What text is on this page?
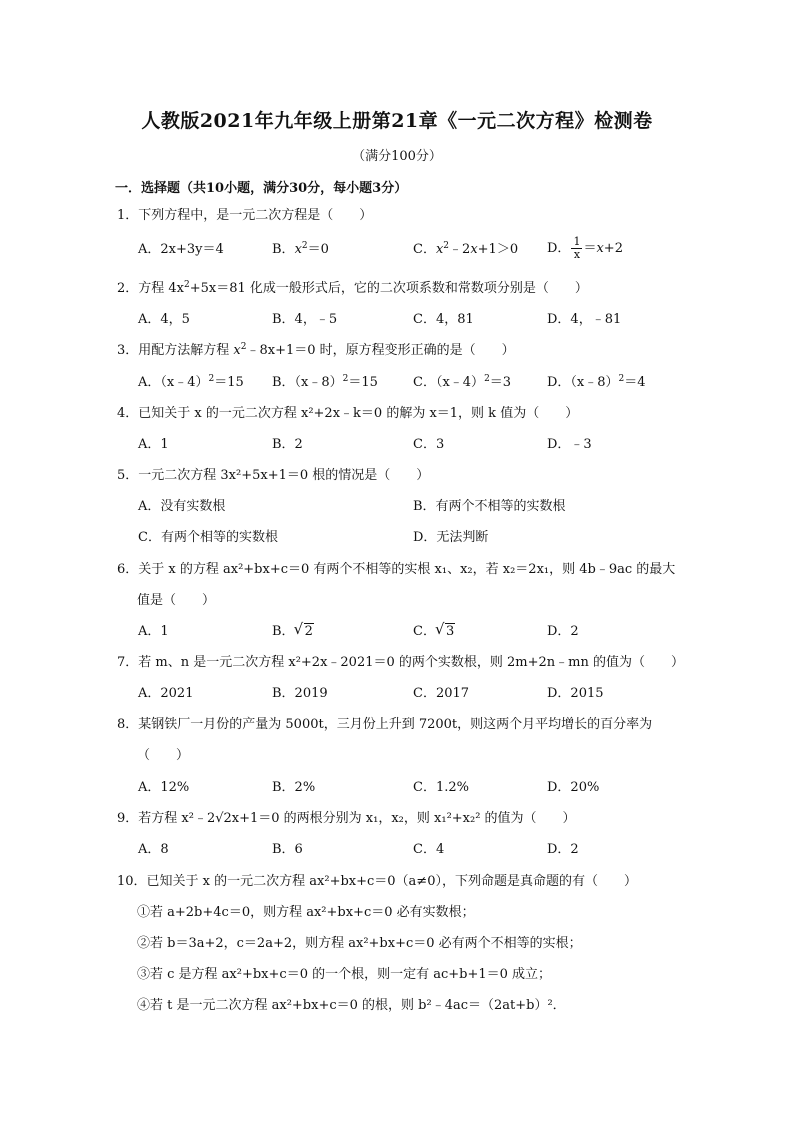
人教版2021年九年级上册第21章《一元二次方程》检测卷
（满分100分）
一．选择题（共10小题，满分30分，每小题3分）
1．下列方程中，是一元二次方程是（　　）
A．2x+3y＝4	B．$x^2=0$	C．$x^2﹣2x+1>0$ D． $\frac{1}{x} =x+2$
2．方程 $4x^2+5x=81$ 化成一般形式后，它的二次项系数和常数项分别是（　　）
A．4，5	B．4，﹣5	C．4，81	D．4，﹣81
3．用配方法解方程 $x^2﹣8x+1=0$ 时，原方程变形正确的是（　　）
A．（x﹣4）$^2$＝15 B．（x﹣8）$^2$＝15	C．（x﹣4）$^2$＝3	D．（x﹣8）$^2$＝4
4．已知关于 x 的一元二次方程 x²+2x﹣k＝0 的解为 x＝1，则 k 值为（　　）
A．1	B．2	C．3	D．﹣3
5．一元二次方程 3x²+5x+1＝0 根的情况是（　　）
A．没有实数根	B．有两个不相等的实数根
C．有两个相等的实数根	D．无法判断
6．关于 x 的方程 ax²+bx+c＝0 有两个不相等的实根 x₁、x₂，若 x₂＝2x₁，则 4b﹣9ac 的最大
值是（　　）
A．1	B． √ 2	C． √ 3	D．2
7．若 m、n 是一元二次方程 x²+2x﹣2021＝0 的两个实数根，则 2m+2n﹣mn 的值为（　　）
A．2021	B．2019	C．2017	D．2015
8．某钢铁厂一月份的产量为 5000t，三月份上升到 7200t，则这两个月平均增长的百分率为
（　　）
A．12%	B．2%	C．1.2%	D．20%
9．若方程 x²﹣2√2x+1＝0 的两根分别为 x₁，x₂，则 x₁²+x₂² 的值为（　　）
A．8	B．6	C．4	D．2
10．已知关于 x 的一元二次方程 ax²+bx+c＝0（a≠0），下列命题是真命题的有（　　）
①若 a+2b+4c＝0，则方程 ax²+bx+c＝0 必有实数根；
②若 b＝3a+2，c＝2a+2，则方程 ax²+bx+c＝0 必有两个不相等的实根；
③若 c 是方程 ax²+bx+c＝0 的一个根，则一定有 ac+b+1＝0 成立；
④若 t 是一元二次方程 ax²+bx+c＝0 的根，则 b²﹣4ac＝（2at+b）²．
